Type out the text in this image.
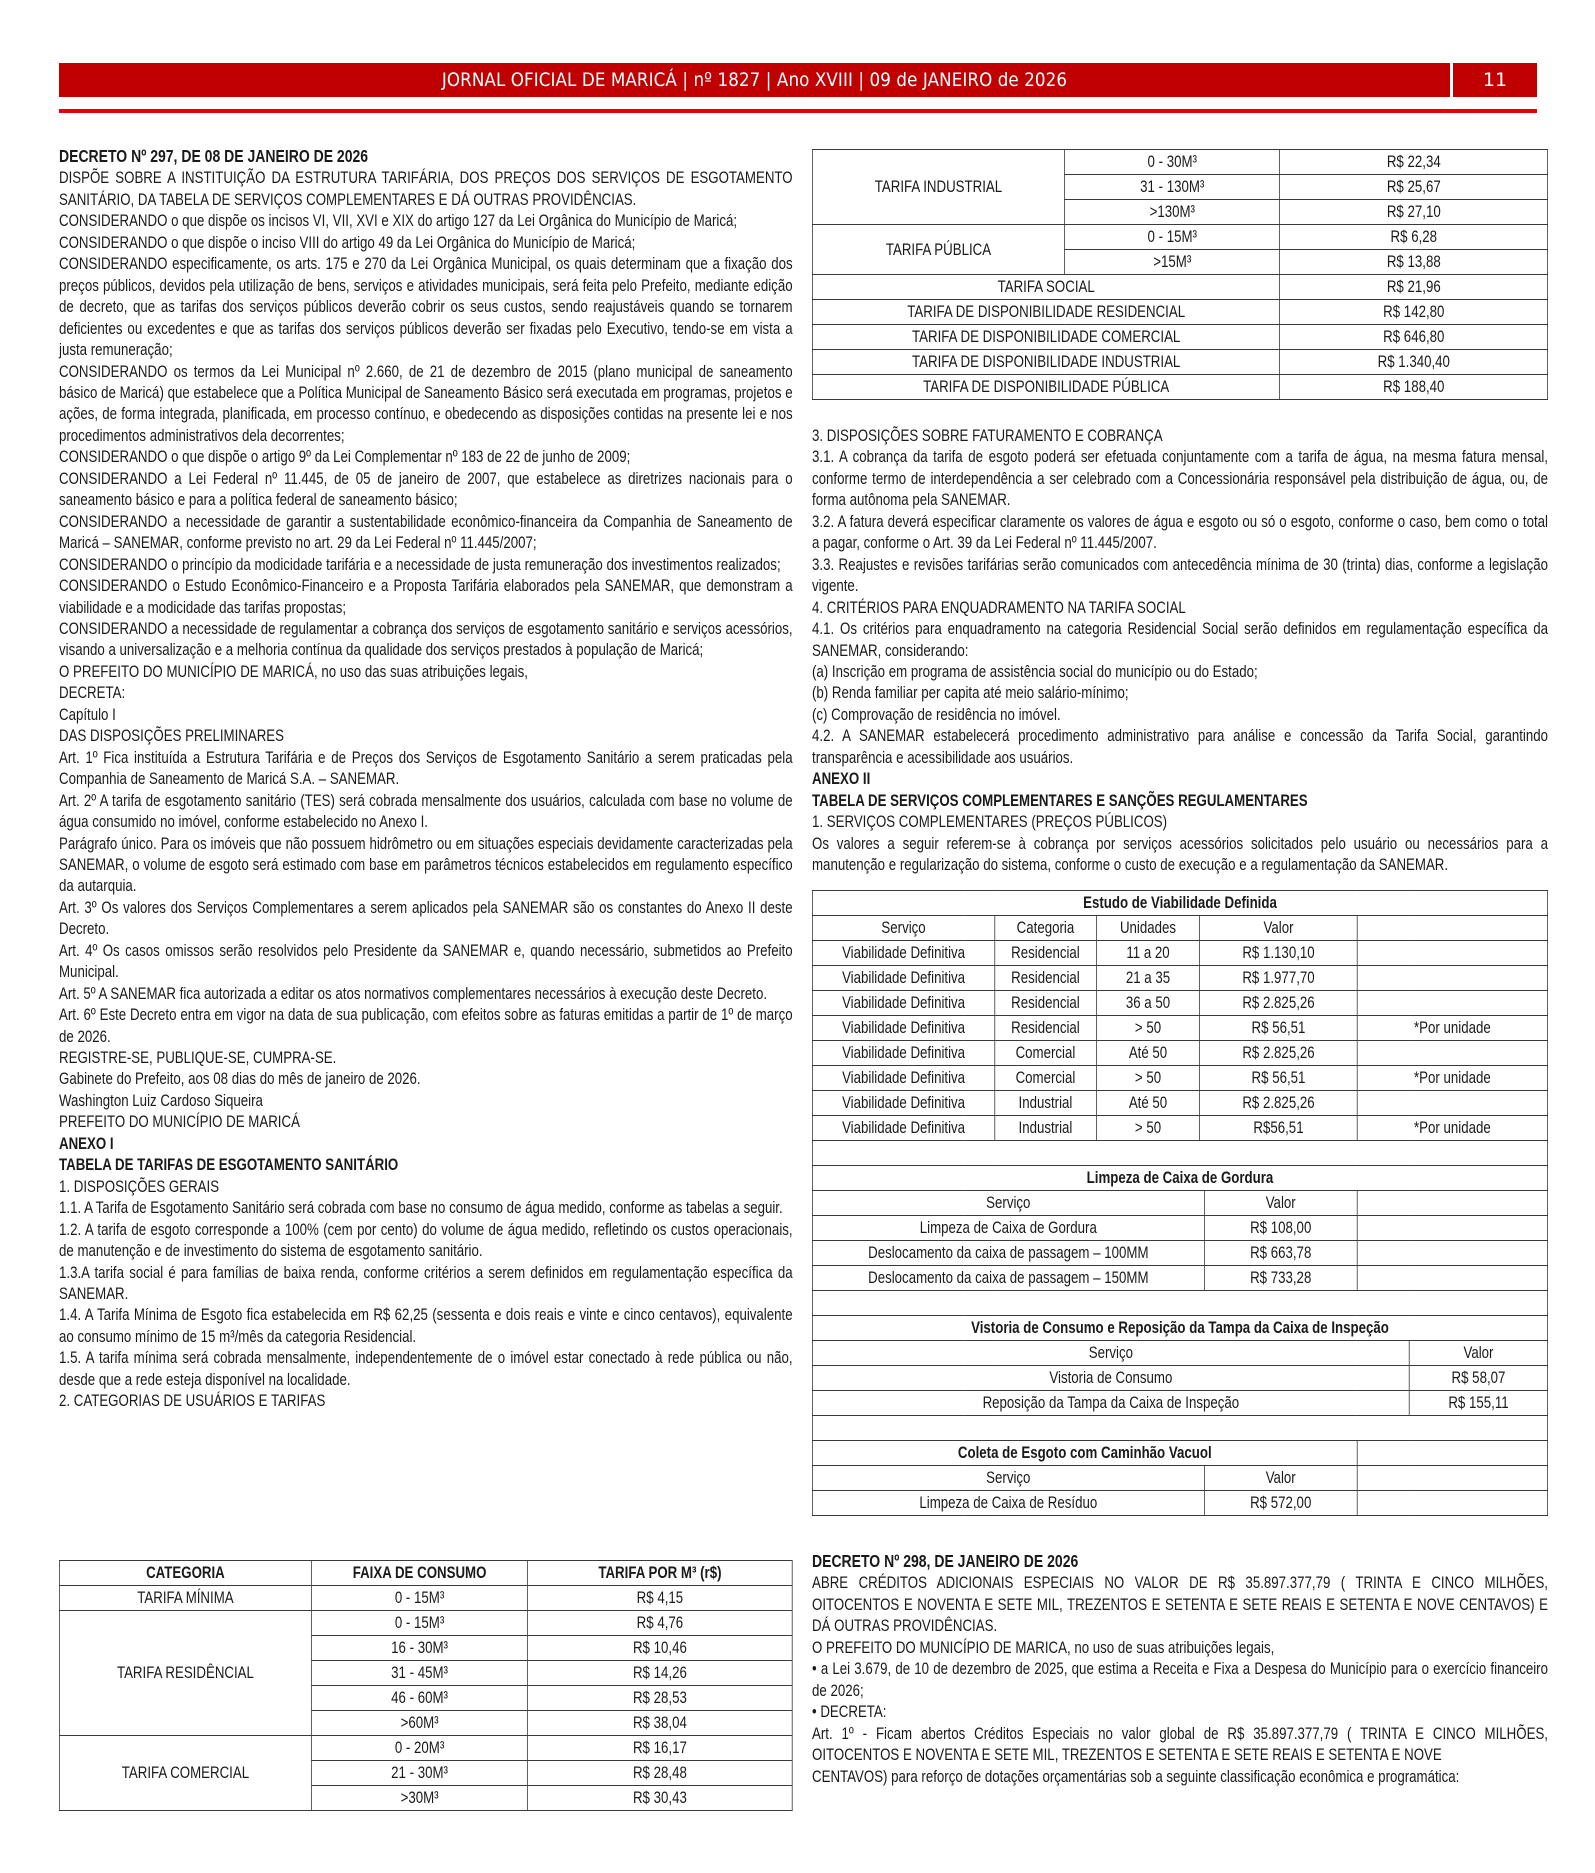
JORNAL OFICIAL DE MARICÁ | nº 1827 | Ano XVIII | 09 de JANEIRO de 2026	11

DECRETO Nº 297, DE 08 DE JANEIRO DE 2026

DISPÕE SOBRE A INSTITUIÇÃO DA ESTRUTURA TARIFÁRIA, DOS PREÇOS DOS SERVIÇOS DE ESGOTAMENTO SANITÁRIO, DA TABELA DE SERVIÇOS COMPLEMENTARES E DÁ OUTRAS PROVIDÊNCIAS.

CONSIDERANDO o que dispõe os incisos VI, VII, XVI e XIX do artigo 127 da Lei Orgânica do Município de Maricá;

CONSIDERANDO o que dispõe o inciso VIII do artigo 49 da Lei Orgânica do Município de Maricá;

CONSIDERANDO especificamente, os arts. 175 e 270 da Lei Orgânica Municipal, os quais determinam que a fixação dos preços públicos, devidos pela utilização de bens, serviços e atividades municipais, será feita pelo Prefeito, mediante edição de decreto, que as tarifas dos serviços públicos deverão cobrir os seus custos, sendo reajustáveis quando se tornarem deficientes ou excedentes e que as tarifas dos serviços públicos deverão ser fixadas pelo Executivo, tendo-se em vista a justa remuneração;

CONSIDERANDO os termos da Lei Municipal nº 2.660, de 21 de dezembro de 2015 (plano municipal de saneamento básico de Maricá) que estabelece que a Política Municipal de Saneamento Básico será executada em programas, projetos e ações, de forma integrada, planificada, em processo contínuo, e obedecendo as disposições contidas na presente lei e nos procedimentos administrativos dela decorrentes;

CONSIDERANDO o que dispõe o artigo 9º da Lei Complementar nº 183 de 22 de junho de 2009;

CONSIDERANDO a Lei Federal nº 11.445, de 05 de janeiro de 2007, que estabelece as diretrizes nacionais para o saneamento básico e para a política federal de saneamento básico;

CONSIDERANDO a necessidade de garantir a sustentabilidade econômico-financeira da Companhia de Saneamento de Maricá – SANEMAR, conforme previsto no art. 29 da Lei Federal nº 11.445/2007;

CONSIDERANDO o princípio da modicidade tarifária e a necessidade de justa remuneração dos investimentos realizados;

CONSIDERANDO o Estudo Econômico-Financeiro e a Proposta Tarifária elaborados pela SANEMAR, que demonstram a viabilidade e a modicidade das tarifas propostas;

CONSIDERANDO a necessidade de regulamentar a cobrança dos serviços de esgotamento sanitário e serviços acessórios, visando a universalização e a melhoria contínua da qualidade dos serviços prestados à população de Maricá;

O PREFEITO DO MUNICÍPIO DE MARICÁ, no uso das suas atribuições legais,

DECRETA:

Capítulo I

DAS DISPOSIÇÕES PRELIMINARES

Art. 1º Fica instituída a Estrutura Tarifária e de Preços dos Serviços de Esgotamento Sanitário a serem praticadas pela Companhia de Saneamento de Maricá S.A. – SANEMAR.

Art. 2º A tarifa de esgotamento sanitário (TES) será cobrada mensalmente dos usuários, calculada com base no volume de água consumido no imóvel, conforme estabelecido no Anexo I.

Parágrafo único. Para os imóveis que não possuem hidrômetro ou em situações especiais devidamente caracterizadas pela SANEMAR, o volume de esgoto será estimado com base em parâmetros técnicos estabelecidos em regulamento específico da autarquia.

Art. 3º Os valores dos Serviços Complementares a serem aplicados pela SANEMAR são os constantes do Anexo II deste Decreto.

Art. 4º Os casos omissos serão resolvidos pelo Presidente da SANEMAR e, quando necessário, submetidos ao Prefeito Municipal.

Art. 5º A SANEMAR fica autorizada a editar os atos normativos complementares necessários à execução deste Decreto.

Art. 6º Este Decreto entra em vigor na data de sua publicação, com efeitos sobre as faturas emitidas a partir de 1º de março de 2026.

REGISTRE-SE, PUBLIQUE-SE, CUMPRA-SE.

Gabinete do Prefeito, aos 08 dias do mês de janeiro de 2026.

Washington Luiz Cardoso Siqueira

PREFEITO DO MUNICÍPIO DE MARICÁ

ANEXO I

TABELA DE TARIFAS DE ESGOTAMENTO SANITÁRIO

1. DISPOSIÇÕES GERAIS

1.1. A Tarifa de Esgotamento Sanitário será cobrada com base no consumo de água medido, conforme as tabelas a seguir.

1.2. A tarifa de esgoto corresponde a 100% (cem por cento) do volume de água medido, refletindo os custos operacionais, de manutenção e de investimento do sistema de esgotamento sanitário.

1.3.A tarifa social é para famílias de baixa renda, conforme critérios a serem definidos em regulamentação específica da SANEMAR.

1.4. A Tarifa Mínima de Esgoto fica estabelecida em R$ 62,25 (sessenta e dois reais e vinte e cinco centavos), equivalente ao consumo mínimo de 15 m³/mês da categoria Residencial.

1.5. A tarifa mínima será cobrada mensalmente, independentemente de o imóvel estar conectado à rede pública ou não, desde que a rede esteja disponível na localidade.

2. CATEGORIAS DE USUÁRIOS E TARIFAS

CATEGORIA	FAIXA DE CONSUMO	TARIFA POR M³ (r$)
TARIFA MÍNIMA	0 - 15M³	R$ 4,15
TARIFA RESIDÊNCIAL	0 - 15M³	R$ 4,76
	16 - 30M³	R$ 10,46
	31 - 45M³	R$ 14,26
	46 - 60M³	R$ 28,53
	>60M³	R$ 38,04
TARIFA COMERCIAL	0 - 20M³	R$ 16,17
	21 - 30M³	R$ 28,48
	>30M³	R$ 30,43
TARIFA INDUSTRIAL	0 - 30M³	R$ 22,34
	31 - 130M³	R$ 25,67
	>130M³	R$ 27,10
TARIFA PÚBLICA	0 - 15M³	R$ 6,28
	>15M³	R$ 13,88
TARIFA SOCIAL		R$ 21,96
TARIFA DE DISPONIBILIDADE RESIDENCIAL		R$ 142,80
TARIFA DE DISPONIBILIDADE COMERCIAL		R$ 646,80
TARIFA DE DISPONIBILIDADE INDUSTRIAL		R$ 1.340,40
TARIFA DE DISPONIBILIDADE PÚBLICA		R$ 188,40

3. DISPOSIÇÕES SOBRE FATURAMENTO E COBRANÇA

3.1. A cobrança da tarifa de esgoto poderá ser efetuada conjuntamente com a tarifa de água, na mesma fatura mensal, conforme termo de interdependência a ser celebrado com a Concessionária responsável pela distribuição de água, ou, de forma autônoma pela SANEMAR.

3.2. A fatura deverá especificar claramente os valores de água e esgoto ou só o esgoto, conforme o caso, bem como o total a pagar, conforme o Art. 39 da Lei Federal nº 11.445/2007.

3.3. Reajustes e revisões tarifárias serão comunicados com antecedência mínima de 30 (trinta) dias, conforme a legislação vigente.

4. CRITÉRIOS PARA ENQUADRAMENTO NA TARIFA SOCIAL

4.1. Os critérios para enquadramento na categoria Residencial Social serão definidos em regulamentação específica da SANEMAR, considerando:

(a) Inscrição em programa de assistência social do município ou do Estado;

(b) Renda familiar per capita até meio salário-mínimo;

(c) Comprovação de residência no imóvel.

4.2. A SANEMAR estabelecerá procedimento administrativo para análise e concessão da Tarifa Social, garantindo transparência e acessibilidade aos usuários.

ANEXO II

TABELA DE SERVIÇOS COMPLEMENTARES E SANÇÕES REGULAMENTARES

1. SERVIÇOS COMPLEMENTARES (PREÇOS PÚBLICOS)

Os valores a seguir referem-se à cobrança por serviços acessórios solicitados pelo usuário ou necessários para a manutenção e regularização do sistema, conforme o custo de execução e a regulamentação da SANEMAR.

Estudo de Viabilidade Definida						
Serviço	Categoria	Unidades	Valor			
Viabilidade Definitiva	Residencial	11 a 20	R$ 1.130,10			
Viabilidade Definitiva	Residencial	21 a 35	R$ 1.977,70			
Viabilidade Definitiva	Residencial	36 a 50	R$ 2.825,26			
Viabilidade Definitiva	Residencial	> 50	R$ 56,51		*Por unidade	
Viabilidade Definitiva	Comercial	Até 50	R$ 2.825,26			
Viabilidade Definitiva	Comercial	> 50	R$ 56,51		*Por unidade	
Viabilidade Definitiva	Industrial	Até 50	R$ 2.825,26			
Viabilidade Definitiva	Industrial	> 50	R$56,51		*Por unidade	

Limpeza de Caixa de Gordura						
Serviço				Valor		
Limpeza de Caixa de Gordura				R$ 108,00		
Deslocamento da caixa de passagem – 100MM				R$ 663,78		
Deslocamento da caixa de passagem – 150MM				R$ 733,28		

Vistoria de Consumo e Reposição da Tampa da Caixa de Inspeção						
Serviço						Valor
Vistoria de Consumo						R$ 58,07
Reposição da Tampa da Caixa de Inspeção						R$ 155,11

Coleta de Esgoto com Caminhão Vacuol						
Serviço				Valor		
Limpeza de Caixa de Resíduo				R$ 572,00		

DECRETO Nº 298, DE JANEIRO DE 2026

ABRE CRÉDITOS ADICIONAIS ESPECIAIS NO VALOR DE R$ 35.897.377,79 ( TRINTA E CINCO MILHÕES, OITOCENTOS E NOVENTA E SETE MIL, TREZENTOS E SETENTA E SETE REAIS E SETENTA E NOVE CENTAVOS) E DÁ OUTRAS PROVIDÊNCIAS.

O PREFEITO DO MUNICÍPIO DE MARICA, no uso de suas atribuições legais,

• a Lei 3.679, de 10 de dezembro de 2025, que estima a Receita e Fixa a Despesa do Município para o exercício financeiro de 2026;

• DECRETA:

Art. 1º - Ficam abertos Créditos Especiais no valor global de R$ 35.897.377,79 ( TRINTA E CINCO MILHÕES, OITOCENTOS E NOVENTA E SETE MIL, TREZENTOS E SETENTA E SETE REAIS E SETENTA E NOVE

CENTAVOS) para reforço de dotações orçamentárias sob a seguinte classificação econômica e programática:
